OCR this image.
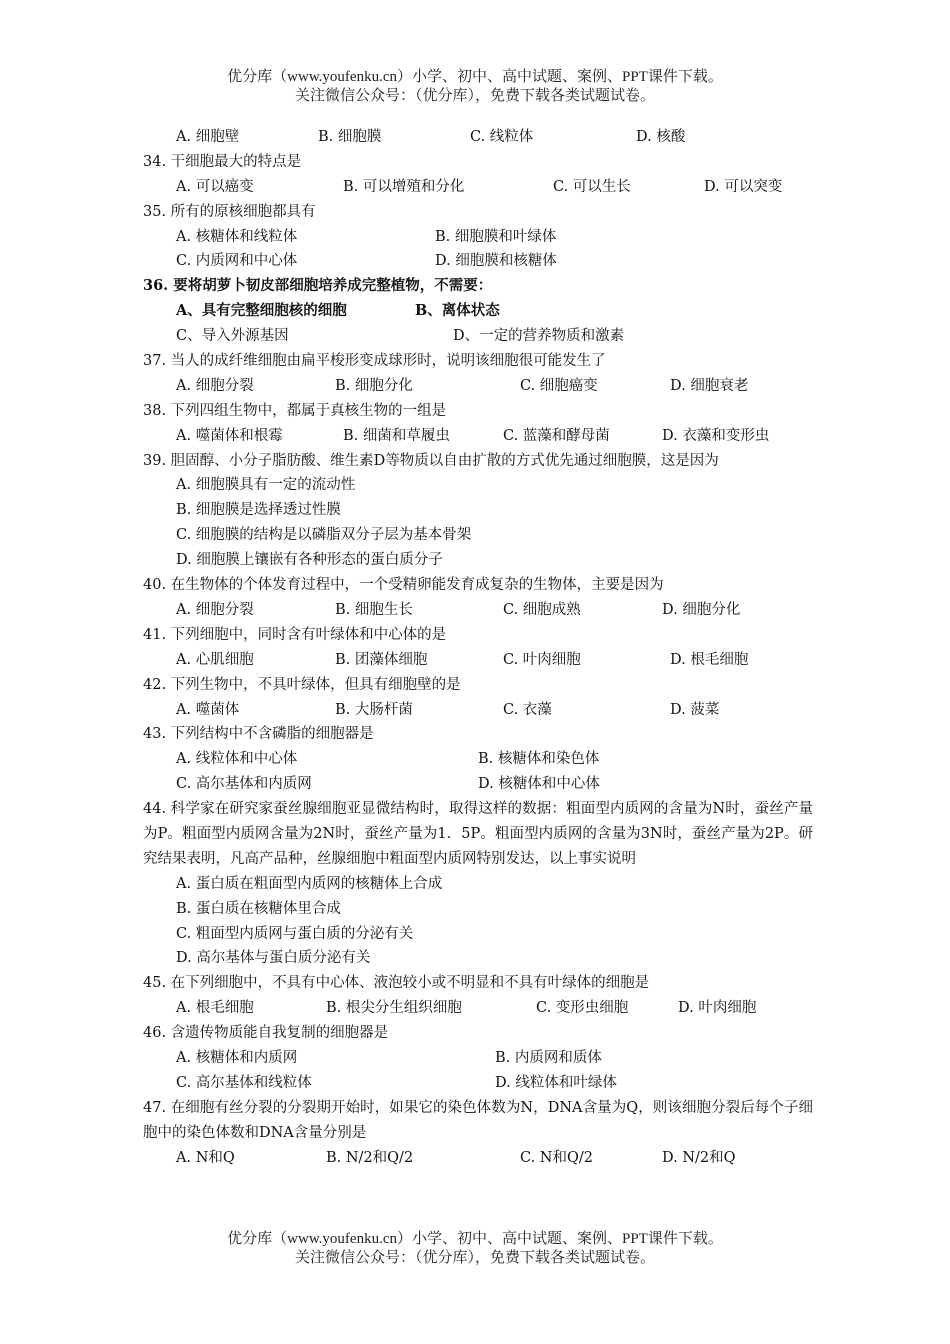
优分库（www.youfenku.cn）小学、初中、高中试题、案例、PPT课件下载。
关注微信公众号：（优分库），免费下载各类试题试卷。
A. 细胞壁	B. 细胞膜	C. 线粒体	D. 核酸
34. 干细胞最大的特点是
A. 可以癌变	B. 可以增殖和分化	C. 可以生长	D. 可以突变
35. 所有的原核细胞都具有
A. 核糖体和线粒体	B. 细胞膜和叶绿体
C. 内质网和中心体	D. 细胞膜和核糖体
36. 要将胡萝卜韧皮部细胞培养成完整植物，不需要：
A、具有完整细胞核的细胞	B、离体状态
C、导入外源基因	D、一定的营养物质和激素
37. 当人的成纤维细胞由扁平梭形变成球形时，说明该细胞很可能发生了
A. 细胞分裂	B. 细胞分化	C. 细胞癌变	D. 细胞衰老
38. 下列四组生物中，都属于真核生物的一组是
A. 噬菌体和根霉	B. 细菌和草履虫	C. 蓝藻和酵母菌	D. 衣藻和变形虫
39. 胆固醇、小分子脂肪酸、维生素D等物质以自由扩散的方式优先通过细胞膜，这是因为
A. 细胞膜具有一定的流动性
B. 细胞膜是选择透过性膜
C. 细胞膜的结构是以磷脂双分子层为基本骨架
D. 细胞膜上镶嵌有各种形态的蛋白质分子
40. 在生物体的个体发育过程中，一个受精卵能发育成复杂的生物体，主要是因为
A. 细胞分裂	B. 细胞生长	C. 细胞成熟	D. 细胞分化
41. 下列细胞中，同时含有叶绿体和中心体的是
A. 心肌细胞	B. 团藻体细胞	C. 叶肉细胞	D. 根毛细胞
42. 下列生物中，不具叶绿体，但具有细胞壁的是
A. 噬菌体	B. 大肠杆菌	C. 衣藻	D. 菠菜
43. 下列结构中不含磷脂的细胞器是
A. 线粒体和中心体	B. 核糖体和染色体
C. 高尔基体和内质网	D. 核糖体和中心体
44. 科学家在研究家蚕丝腺细胞亚显微结构时，取得这样的数据：粗面型内质网的含量为N时，蚕丝产量为P。粗面型内质网含量为2N时，蚕丝产量为1．5P。粗面型内质网的含量为3N时，蚕丝产量为2P。研究结果表明，凡高产品种，丝腺细胞中粗面型内质网特别发达，以上事实说明
A. 蛋白质在粗面型内质网的核糖体上合成
B. 蛋白质在核糖体里合成
C. 粗面型内质网与蛋白质的分泌有关
D. 高尔基体与蛋白质分泌有关
45. 在下列细胞中，不具有中心体、液泡较小或不明显和不具有叶绿体的细胞是
A. 根毛细胞	B. 根尖分生组织细胞	C. 变形虫细胞	D. 叶肉细胞
46. 含遗传物质能自我复制的细胞器是
A. 核糖体和内质网	B. 内质网和质体
C. 高尔基体和线粒体	D. 线粒体和叶绿体
47. 在细胞有丝分裂的分裂期开始时，如果它的染色体数为N，DNA含量为Q，则该细胞分裂后每个子细胞中的染色体数和DNA含量分别是
A. N和Q	B. N/2和Q/2	C. N和Q/2	D. N/2和Q
优分库（www.youfenku.cn）小学、初中、高中试题、案例、PPT课件下载。
关注微信公众号：（优分库），免费下载各类试题试卷。
